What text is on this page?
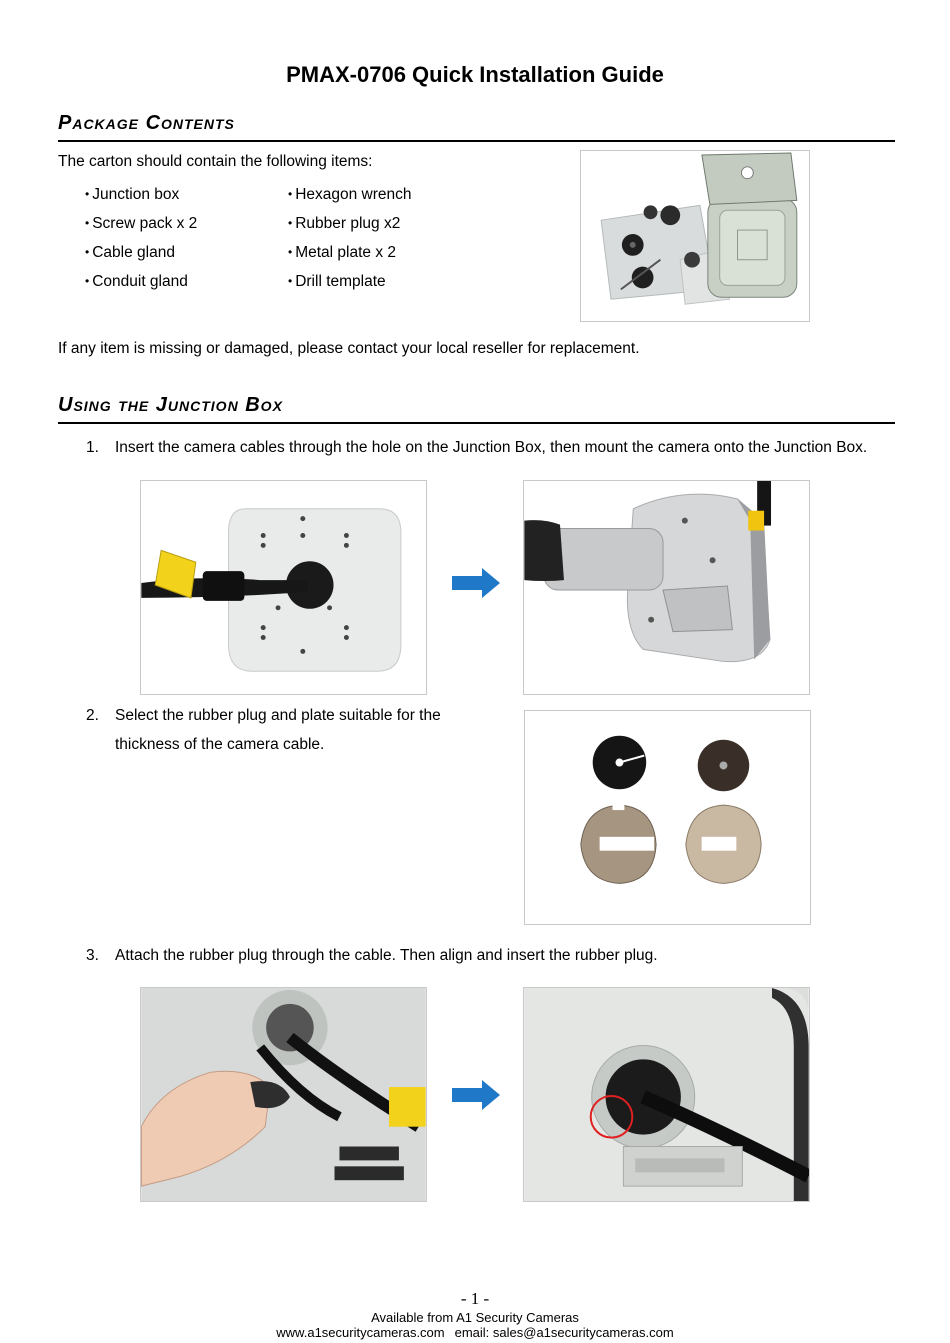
PMAX-0706 Quick Installation Guide
Package Contents
The carton should contain the following items:
• Junction box
• Screw pack x 2
• Cable gland
• Conduit gland
• Hexagon wrench
• Rubber plug x2
• Metal plate x 2
• Drill template
If any item is missing or damaged, please contact your local reseller for replacement.
Using the Junction Box
1. Insert the camera cables through the hole on the Junction Box, then mount the camera onto the Junction Box.
2. Select the rubber plug and plate suitable for the
thickness of the camera cable.
3. Attach the rubber plug through the cable. Then align and insert the rubber plug.
- 1 -
Available from A1 Security Cameras
www.a1securitycameras.com email: sales@a1securitycameras.com
